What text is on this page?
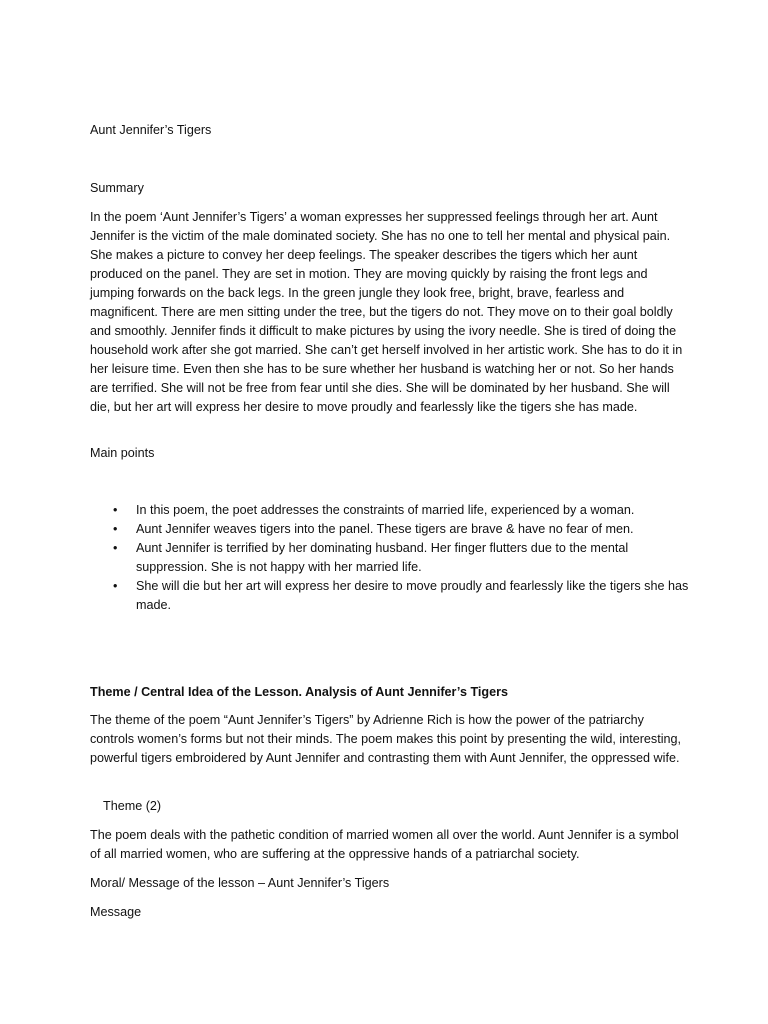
Aunt Jennifer’s Tigers

Summary

In the poem ‘Aunt Jennifer’s Tigers’ a woman expresses her suppressed feelings through her art. Aunt Jennifer is the victim of the male dominated society. She has no one to tell her mental and physical pain. She makes a picture to convey her deep feelings. The speaker describes the tigers which her aunt produced on the panel. They are set in motion. They are moving quickly by raising the front legs and jumping forwards on the back legs. In the green jungle they look free, bright, brave, fearless and magnificent. There are men sitting under the tree, but the tigers do not. They move on to their goal boldly and smoothly. Jennifer finds it difficult to make pictures by using the ivory needle. She is tired of doing the household work after she got married. She can’t get herself involved in her artistic work. She has to do it in her leisure time. Even then she has to be sure whether her husband is watching her or not. So her hands are terrified. She will not be free from fear until she dies. She will be dominated by her husband. She will die, but her art will express her desire to move proudly and fearlessly like the tigers she has made.

Main points

• In this poem, the poet addresses the constraints of married life, experienced by a woman.
• Aunt Jennifer weaves tigers into the panel. These tigers are brave & have no fear of men.
• Aunt Jennifer is terrified by her dominating husband. Her finger flutters due to the mental suppression. She is not happy with her married life.
• She will die but her art will express her desire to move proudly and fearlessly like the tigers she has made.

Theme / Central Idea of the Lesson. Analysis of Aunt Jennifer’s Tigers

The theme of the poem “Aunt Jennifer’s Tigers” by Adrienne Rich is how the power of the patriarchy controls women’s forms but not their minds. The poem makes this point by presenting the wild, interesting, powerful tigers embroidered by Aunt Jennifer and contrasting them with Aunt Jennifer, the oppressed wife.

Theme (2)

The poem deals with the pathetic condition of married women all over the world. Aunt Jennifer is a symbol of all married women, who are suffering at the oppressive hands of a patriarchal society.

Moral/ Message of the lesson – Aunt Jennifer’s Tigers

Message
